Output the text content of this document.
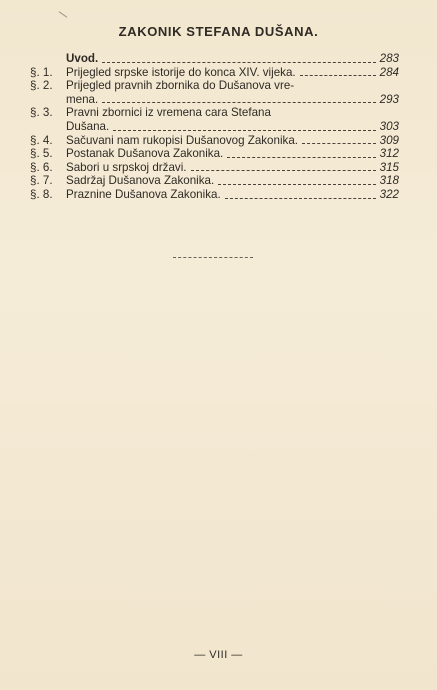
ZAKONIK STEFANA DUŠANA.
Uvod.	283
§. 1.	Prijegled srpske istorije do konca XIV. vijeka.	284
§. 2.	Prijegled pravnih zbornika do Dušanova vre-
mena.	293
§. 3.	Pravni zbornici iz vremena cara Stefana
Dušana.	303
§. 4.	Sačuvani nam rukopisi Dušanovog Zakonika.	309
§. 5.	Postanak Dušanova Zakonika.	312
§. 6.	Sabori u srpskoj državi.	315
§. 7.	Sadržaj Dušanova Zakonika.	318
§. 8.	Praznine Dušanova Zakonika.	322
— VIII —
